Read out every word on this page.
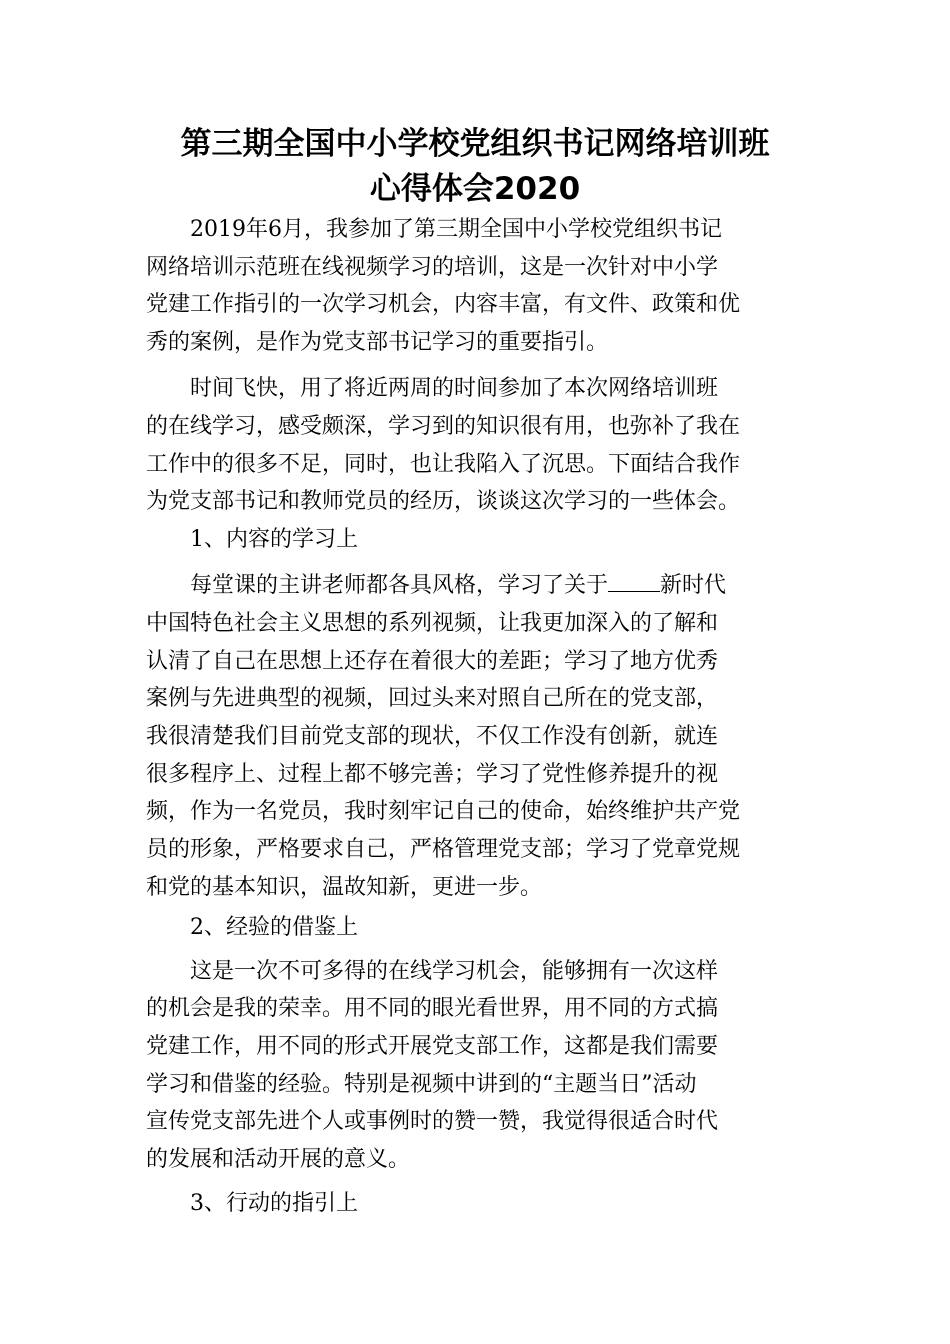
第三期全国中小学校党组织书记网络培训班
心得体会2020
　　2019年6月，我参加了第三期全国中小学校党组织书记
网络培训示范班在线视频学习的培训，这是一次针对中小学
党建工作指引的一次学习机会，内容丰富，有文件、政策和优
秀的案例，是作为党支部书记学习的重要指引。
　　时间飞快，用了将近两周的时间参加了本次网络培训班
的在线学习，感受颇深，学习到的知识很有用，也弥补了我在
工作中的很多不足，同时，也让我陷入了沉思。下面结合我作
为党支部书记和教师党员的经历，谈谈这次学习的一些体会。
　　1、内容的学习上
　　每堂课的主讲老师都各具风格，学习了关于 新时代
中国特色社会主义思想的系列视频，让我更加深入的了解和
认清了自己在思想上还存在着很大的差距；学习了地方优秀
案例与先进典型的视频，回过头来对照自己所在的党支部，
我很清楚我们目前党支部的现状，不仅工作没有创新，就连
很多程序上、过程上都不够完善；学习了党性修养提升的视
频，作为一名党员，我时刻牢记自己的使命，始终维护共产党
员的形象，严格要求自己，严格管理党支部；学习了党章党规
和党的基本知识，温故知新，更进一步。
　　2、经验的借鉴上
　　这是一次不可多得的在线学习机会，能够拥有一次这样
的机会是我的荣幸。用不同的眼光看世界，用不同的方式搞
党建工作，用不同的形式开展党支部工作，这都是我们需要
学习和借鉴的经验。特别是视频中讲到的“主题当日”活动
宣传党支部先进个人或事例时的赞一赞，我觉得很适合时代
的发展和活动开展的意义。
　　3、行动的指引上
